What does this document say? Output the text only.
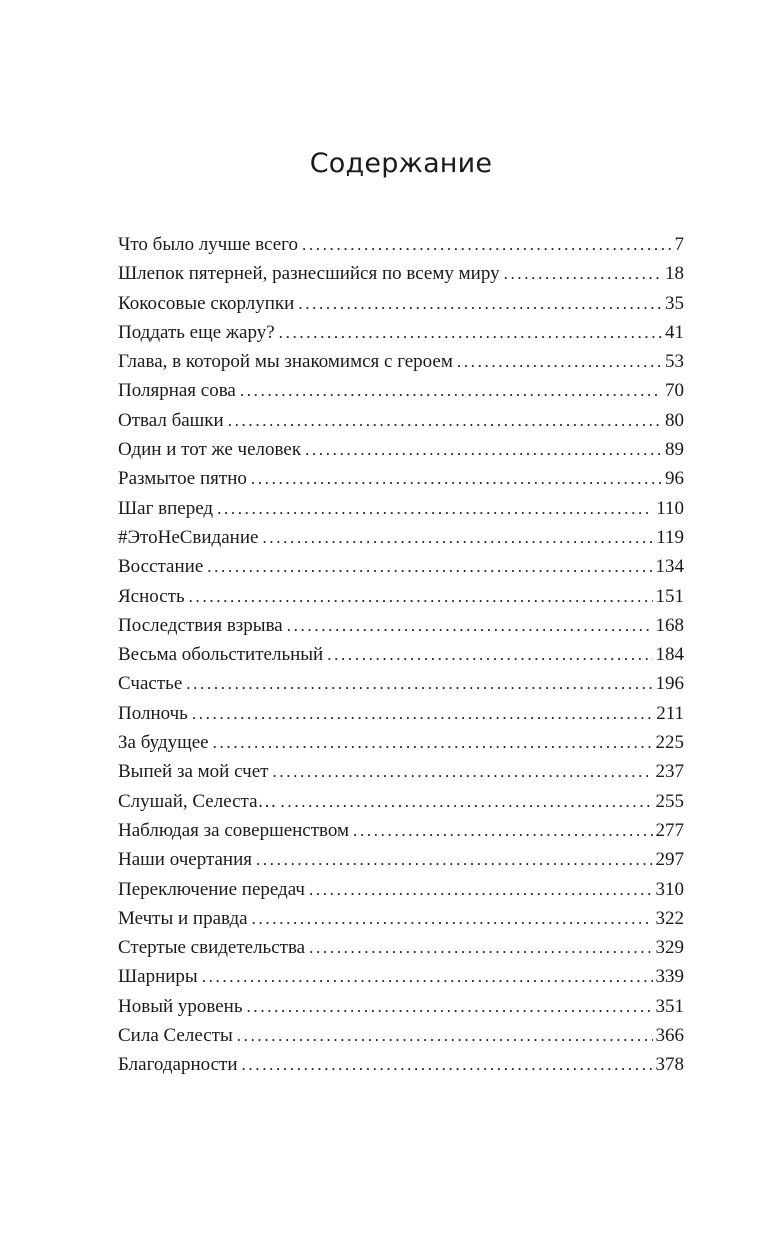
Содержание
Что было лучше всего . . .	7
Шлепок пятерней, разнесшийся по всему миру . . .	18
Кокосовые скорлупки . . .	35
Поддать еще жару? . . .	41
Глава, в которой мы знакомимся с героем . . .	53
Полярная сова . . .	70
Отвал башки . . .	80
Один и тот же человек . . .	89
Размытое пятно . . .	96
Шаг вперед . . .	110
#ЭтоНеСвидание . . .	119
Восстание . . .	134
Ясность . . .	151
Последствия взрыва . . .	168
Весьма обольстительный . . .	184
Счастье . . .	196
Полночь . . .	211
За будущее . . .	225
Выпей за мой счет . . .	237
Слушай, Селеста… . . .	255
Наблюдая за совершенством . . .	277
Наши очертания . . .	297
Переключение передач . . .	310
Мечты и правда . . .	322
Стертые свидетельства . . .	329
Шарниры . . .	339
Новый уровень . . .	351
Сила Селесты . . .	366
Благодарности . . .	378
